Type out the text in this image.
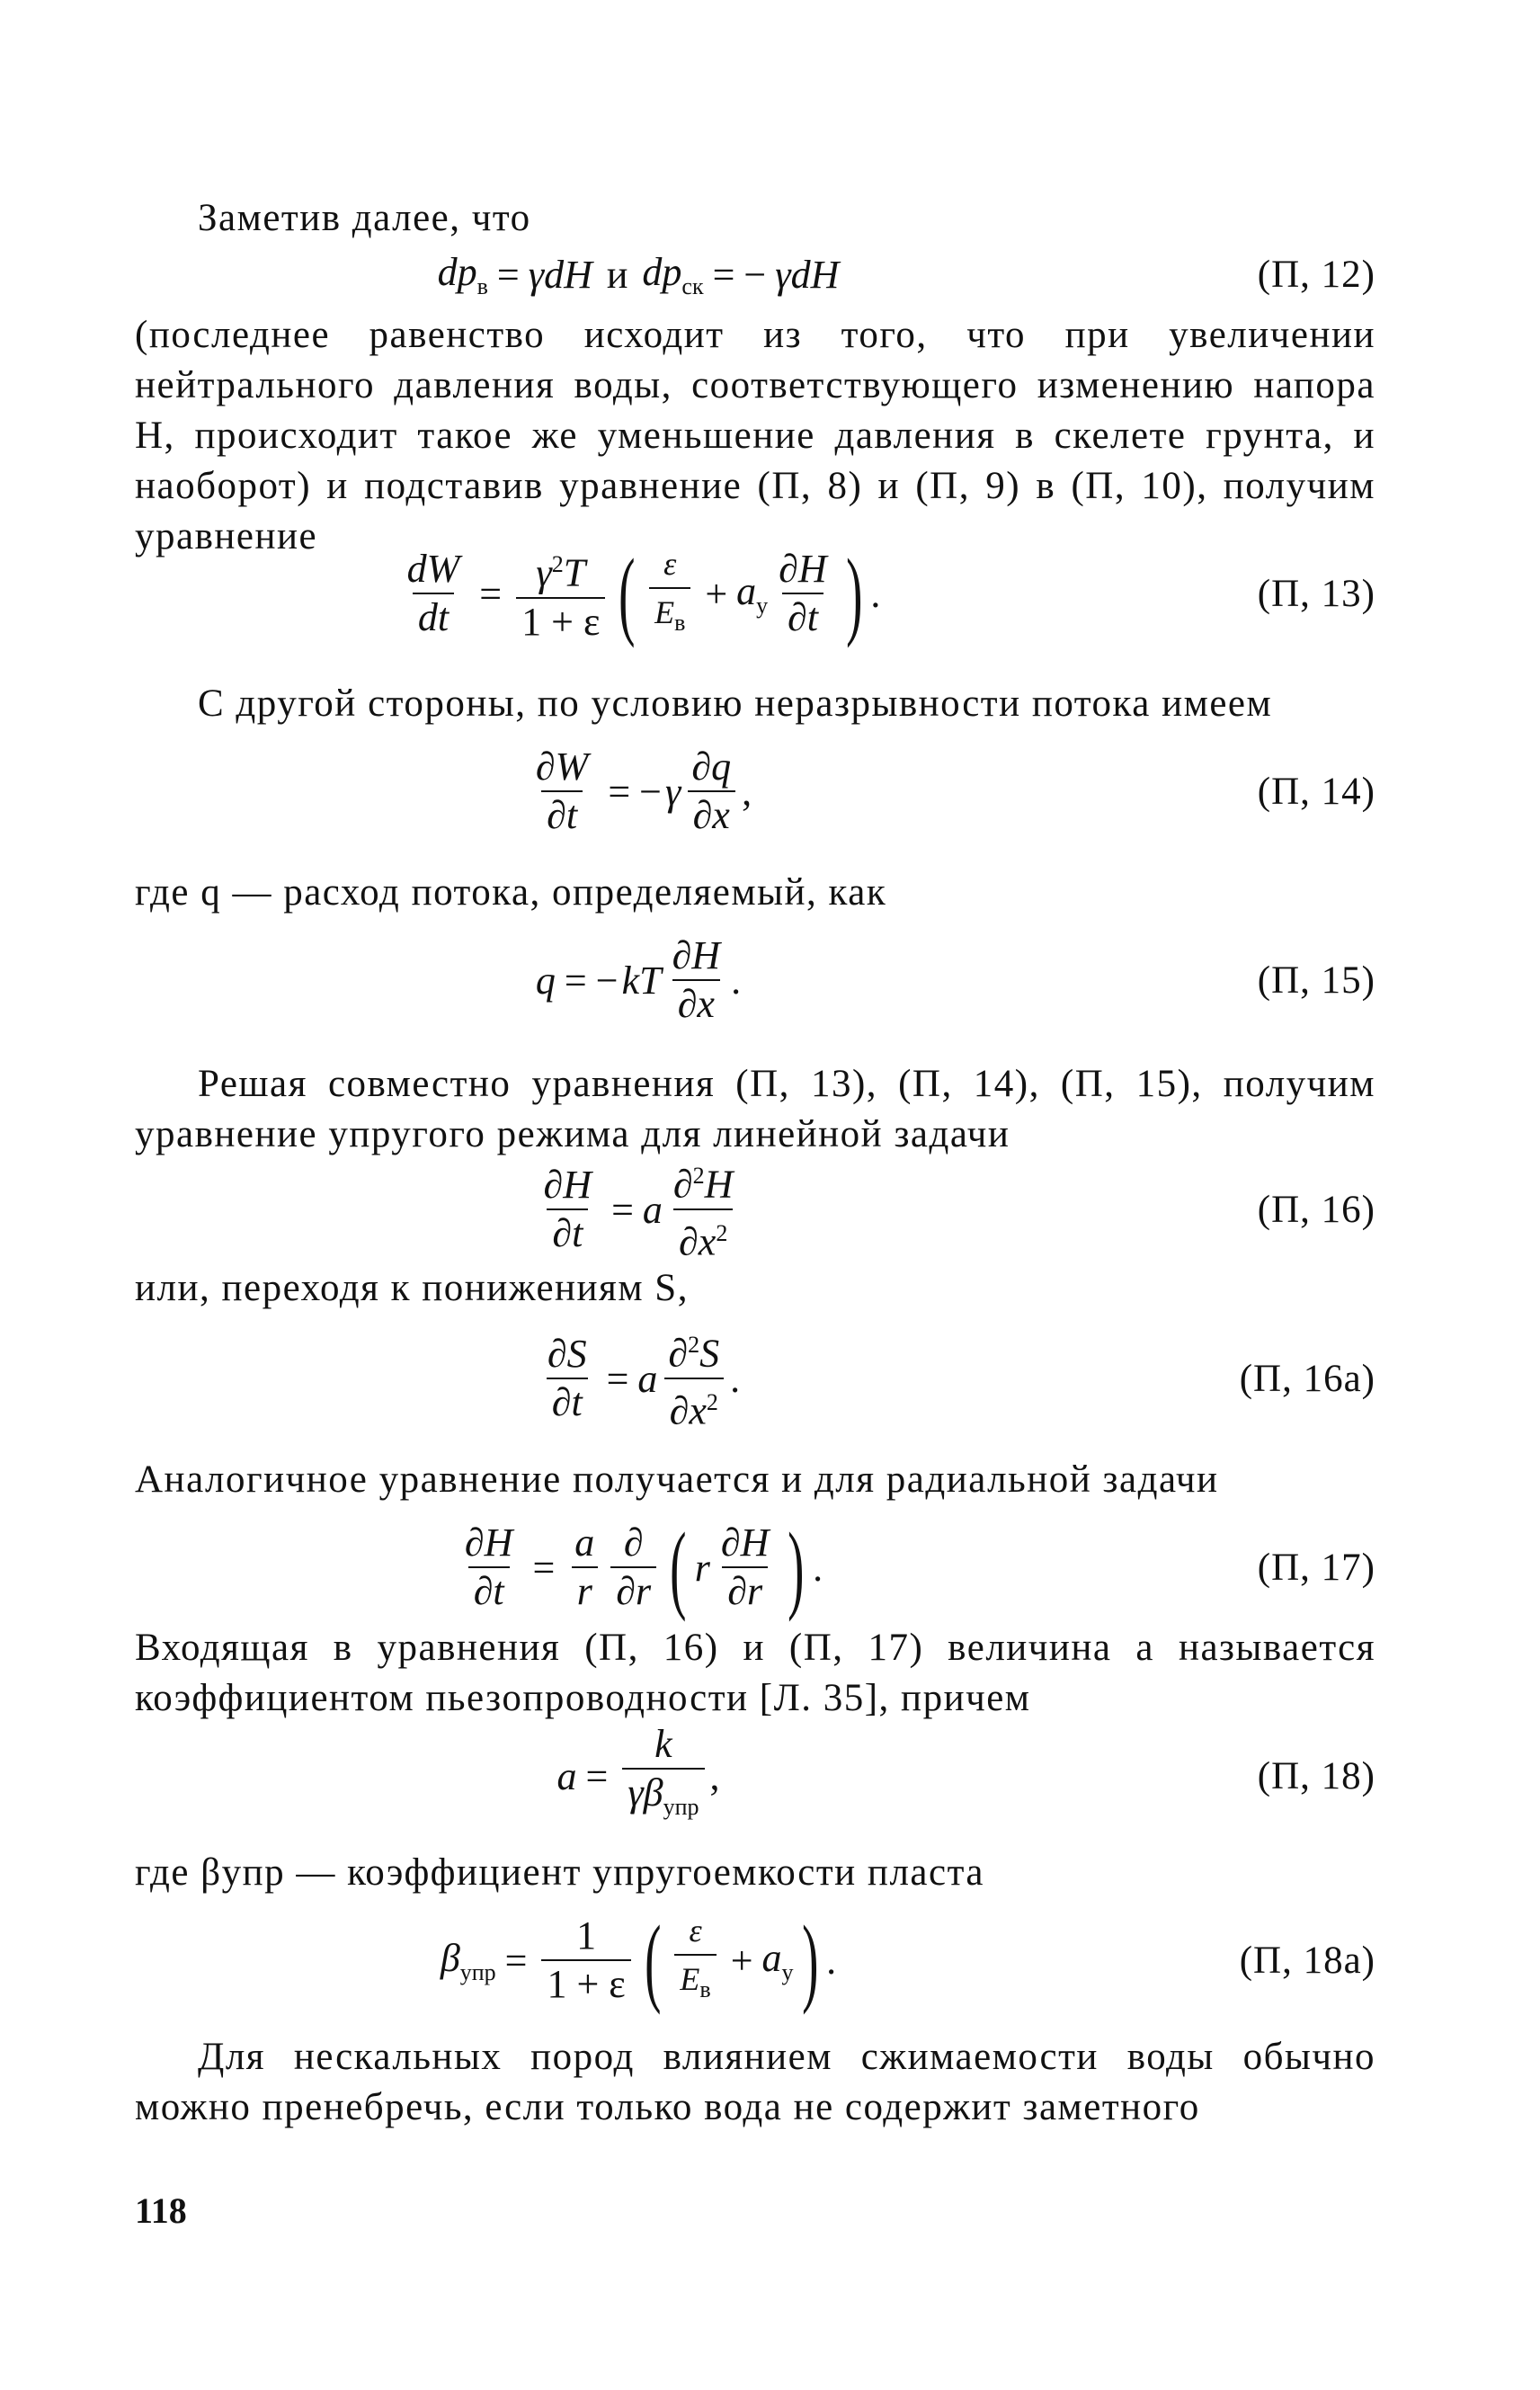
Заметив далее, что

$dp_в = \gamma dH$ и $dp_{ск}$ = − γdH	(П, 12)

(последнее равенство исходит из того, что при увеличении нейтрального давления воды, соответствующего изменению напора H, происходит такое же уменьшение давления в скелете грунта, и наоборот) и подставив уравнение (П, 8) и (П, 9) в (П, 10), получим уравнение

$\frac{dW}{dt} = \frac{\gamma^2T}{1 + \varepsilon}$ ( $\frac{\varepsilon}{E_в} + a_у \frac{\partial H}{\partial t}$ ) .	(П, 13)

С другой стороны, по условию неразрывности потока имеем

$\frac{\partial W}{\partial t}$ = − γ $\frac{\partial q}{\partial x}$ ,	(П, 14)

где q — расход потока, определяемый, как

q = − kT $\frac{\partial H}{\partial x}$ .	(П, 15)

Решая совместно уравнения (П, 13), (П, 14), (П, 15), получим уравнение упругого режима для линейной задачи

$\frac{\partial H}{\partial t} = a \frac{\partial^2H}{\partial x^2}$	(П, 16)

или, переходя к понижениям S,

$\frac{\partial S}{\partial t} = a \frac{\partial^2S}{\partial x^2}$ .	(П, 16а)

Аналогичное уравнение получается и для радиальной задачи

$\frac{\partial H}{\partial t} = \frac{a}{r} \frac{\partial}{\partial r}$ ( r $\frac{\partial H}{\partial r}$ ) .	(П, 17)

Входящая в уравнения (П, 16) и (П, 17) величина a называется коэффициентом пьезопроводности [Л. 35], причем

$a = \frac{k}{\gamma\beta_{упр}}$ ,	(П, 18)

где βупр — коэффициент упругоемкости пласта

$\beta_{упр} = \frac{1}{1 + \varepsilon}$ ( $\frac{\varepsilon}{E_в} + a_у$ ) .	(П, 18а)

Для нескальных пород влиянием сжимаемости воды обычно можно пренебречь, если только вода не содержит заметного

118
